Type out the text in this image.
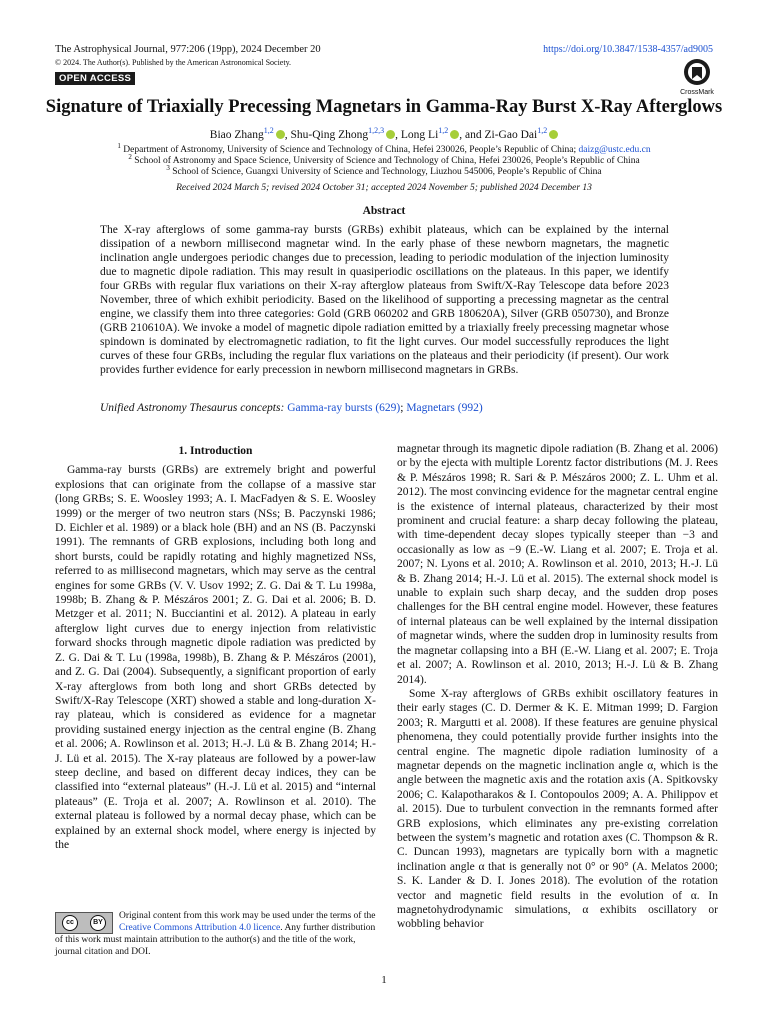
The Astrophysical Journal, 977:206 (19pp), 2024 December 20
© 2024. The Author(s). Published by the American Astronomical Society.
https://doi.org/10.3847/1538-4357/ad9005
OPEN ACCESS
CrossMark
Signature of Triaxially Precessing Magnetars in Gamma-Ray Burst X-Ray Afterglows
Biao Zhang$^{1,2}$ , Shu-Qing Zhong$^{1,2,3}$ , Long Li$^{1,2}$ , and Zi-Gao Dai$^{1,2}$
$^1$ Department of Astronomy, University of Science and Technology of China, Hefei 230026, People’s Republic of China; daizg@ustc.edu.cn
$^2$ School of Astronomy and Space Science, University of Science and Technology of China, Hefei 230026, People’s Republic of China
$^3$ School of Science, Guangxi University of Science and Technology, Liuzhou 545006, People’s Republic of China
Received 2024 March 5; revised 2024 October 31; accepted 2024 November 5; published 2024 December 13
Abstract

The X-ray afterglows of some gamma-ray bursts (GRBs) exhibit plateaus, which can be explained by the internal dissipation of a newborn millisecond magnetar wind. In the early phase of these newborn magnetars, the magnetic inclination angle undergoes periodic changes due to precession, leading to periodic modulation of the injection luminosity due to magnetic dipole radiation. This may result in quasiperiodic oscillations on the plateaus. In this paper, we identify four GRBs with regular flux variations on their X-ray afterglow plateaus from Swift/X-Ray Telescope data before 2023 November, three of which exhibit periodicity. Based on the likelihood of supporting a precessing magnetar as the central engine, we classify them into three categories: Gold (GRB 060202 and GRB 180620A), Silver (GRB 050730), and Bronze (GRB 210610A). We invoke a model of magnetic dipole radiation emitted by a triaxially freely precessing magnetar whose spindown is dominated by electromagnetic radiation, to fit the light curves. Our model successfully reproduces the light curves of these four GRBs, including the regular flux variations on the plateaus and their periodicity (if present). Our work provides further evidence for early precession in newborn millisecond magnetars in GRBs.

Unified Astronomy Thesaurus concepts: Gamma-ray bursts (629); Magnetars (992)
1. Introduction

Gamma-ray bursts (GRBs) are extremely bright and powerful explosions that can originate from the collapse of a massive star (long GRBs; S. E. Woosley 1993; A. I. MacFadyen & S. E. Woosley 1999) or the merger of two neutron stars (NSs; B. Paczynski 1986; D. Eichler et al. 1989) or a black hole (BH) and an NS (B. Paczynski 1991). The remnants of GRB explosions, including both long and short bursts, could be rapidly rotating and highly magnetized NSs, referred to as millisecond magnetars, which may serve as the central engines for some GRBs (V. V. Usov 1992; Z. G. Dai & T. Lu 1998a, 1998b; B. Zhang & P. Mészáros 2001; Z. G. Dai et al. 2006; B. D. Metzger et al. 2011; N. Bucciantini et al. 2012). A plateau in early afterglow light curves due to energy injection from relativistic forward shocks through magnetic dipole radiation was predicted by Z. G. Dai & T. Lu (1998a, 1998b), B. Zhang & P. Mészáros (2001), and Z. G. Dai (2004). Subsequently, a significant proportion of early X-ray afterglows from both long and short GRBs detected by Swift/X-Ray Telescope (XRT) showed a stable and long-duration X-ray plateau, which is considered as evidence for a magnetar providing sustained energy injection as the central engine (B. Zhang et al. 2006; A. Rowlinson et al. 2013; H.-J. Lü & B. Zhang 2014; H.-J. Lü et al. 2015). The X-ray plateaus are followed by a power-law steep decline, and based on different decay indices, they can be classified into “external plateaus” (H.-J. Lü et al. 2015) and “internal plateaus” (E. Troja et al. 2007; A. Rowlinson et al. 2010). The external plateau is followed by a normal decay phase, which can be explained by an external shock model, where energy is injected by the

magnetar through its magnetic dipole radiation (B. Zhang et al. 2006) or by the ejecta with multiple Lorentz factor distributions (M. J. Rees & P. Mészáros 1998; R. Sari & P. Mészáros 2000; Z. L. Uhm et al. 2012). The most convincing evidence for the magnetar central engine is the existence of internal plateaus, characterized by their most prominent and crucial feature: a sharp decay following the plateau, with time-dependent decay slopes typically steeper than −3 and occasionally as low as −9 (E.-W. Liang et al. 2007; E. Troja et al. 2007; N. Lyons et al. 2010; A. Rowlinson et al. 2010, 2013; H.-J. Lü & B. Zhang 2014; H.-J. Lü et al. 2015). The external shock model is unable to explain such sharp decay, and the sudden drop poses challenges for the BH central engine model. However, these features of internal plateaus can be well explained by the internal dissipation of magnetar winds, where the sudden drop in luminosity results from the magnetar collapsing into a BH (E.-W. Liang et al. 2007; E. Troja et al. 2007; A. Rowlinson et al. 2010, 2013; H.-J. Lü & B. Zhang 2014).

Some X-ray afterglows of GRBs exhibit oscillatory features in their early stages (C. D. Dermer & K. E. Mitman 1999; D. Fargion 2003; R. Margutti et al. 2008). If these features are genuine physical phenomena, they could potentially provide further insights into the central engine. The magnetic dipole radiation luminosity of a magnetar depends on the magnetic inclination angle α, which is the angle between the magnetic axis and the rotation axis (A. Spitkovsky 2006; C. Kalapotharakos & I. Contopoulos 2009; A. A. Philippov et al. 2015). Due to turbulent convection in the remnants formed after GRB explosions, which eliminates any pre-existing correlation between the system’s magnetic and rotation axes (C. Thompson & R. C. Duncan 1993), magnetars are typically born with a magnetic inclination angle α that is generally not 0° or 90° (A. Melatos 2000; S. K. Lander & D. I. Jones 2018). The evolution of the rotation vector and magnetic field results in the evolution of α. In magnetohydrodynamic simulations, α exhibits oscillatory or wobbling behavior

cc	BY
Original content from this work may be used under the terms of the Creative Commons Attribution 4.0 licence. Any further distribution of this work must maintain attribution to the author(s) and the title of the work, journal citation and DOI.
1
